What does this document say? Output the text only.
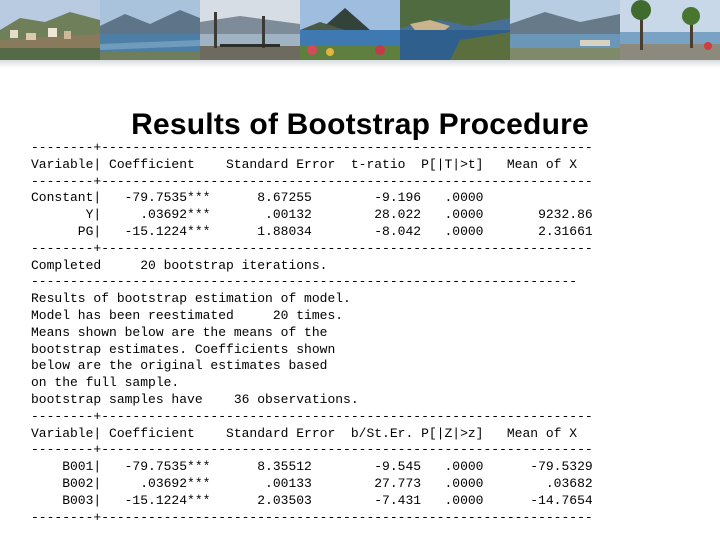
Results of Bootstrap Procedure
--------+---------------------------------------------------------------
Variable| Coefficient    Standard Error  t-ratio  P[|T|>t]   Mean of X
--------+---------------------------------------------------------------
Constant|   -79.7535***      8.67255        -9.196   .0000
Y|     .03692***       .00132        28.022   .0000       9232.86
PG|   -15.1224***      1.88034        -8.042   .0000       2.31661
--------+---------------------------------------------------------------
Completed     20 bootstrap iterations.
----------------------------------------------------------------------
Results of bootstrap estimation of model.
Model has been reestimated     20 times.
Means shown below are the means of the
bootstrap estimates. Coefficients shown
below are the original estimates based
on the full sample.
bootstrap samples have    36 observations.
--------+---------------------------------------------------------------
Variable| Coefficient    Standard Error  b/St.Er. P[|Z|>z]   Mean of X
--------+---------------------------------------------------------------
B001|   -79.7535***      8.35512        -9.545   .0000      -79.5329
B002|     .03692***       .00133        27.773   .0000        .03682
B003|   -15.1224***      2.03503        -7.431   .0000      -14.7654
--------+---------------------------------------------------------------
